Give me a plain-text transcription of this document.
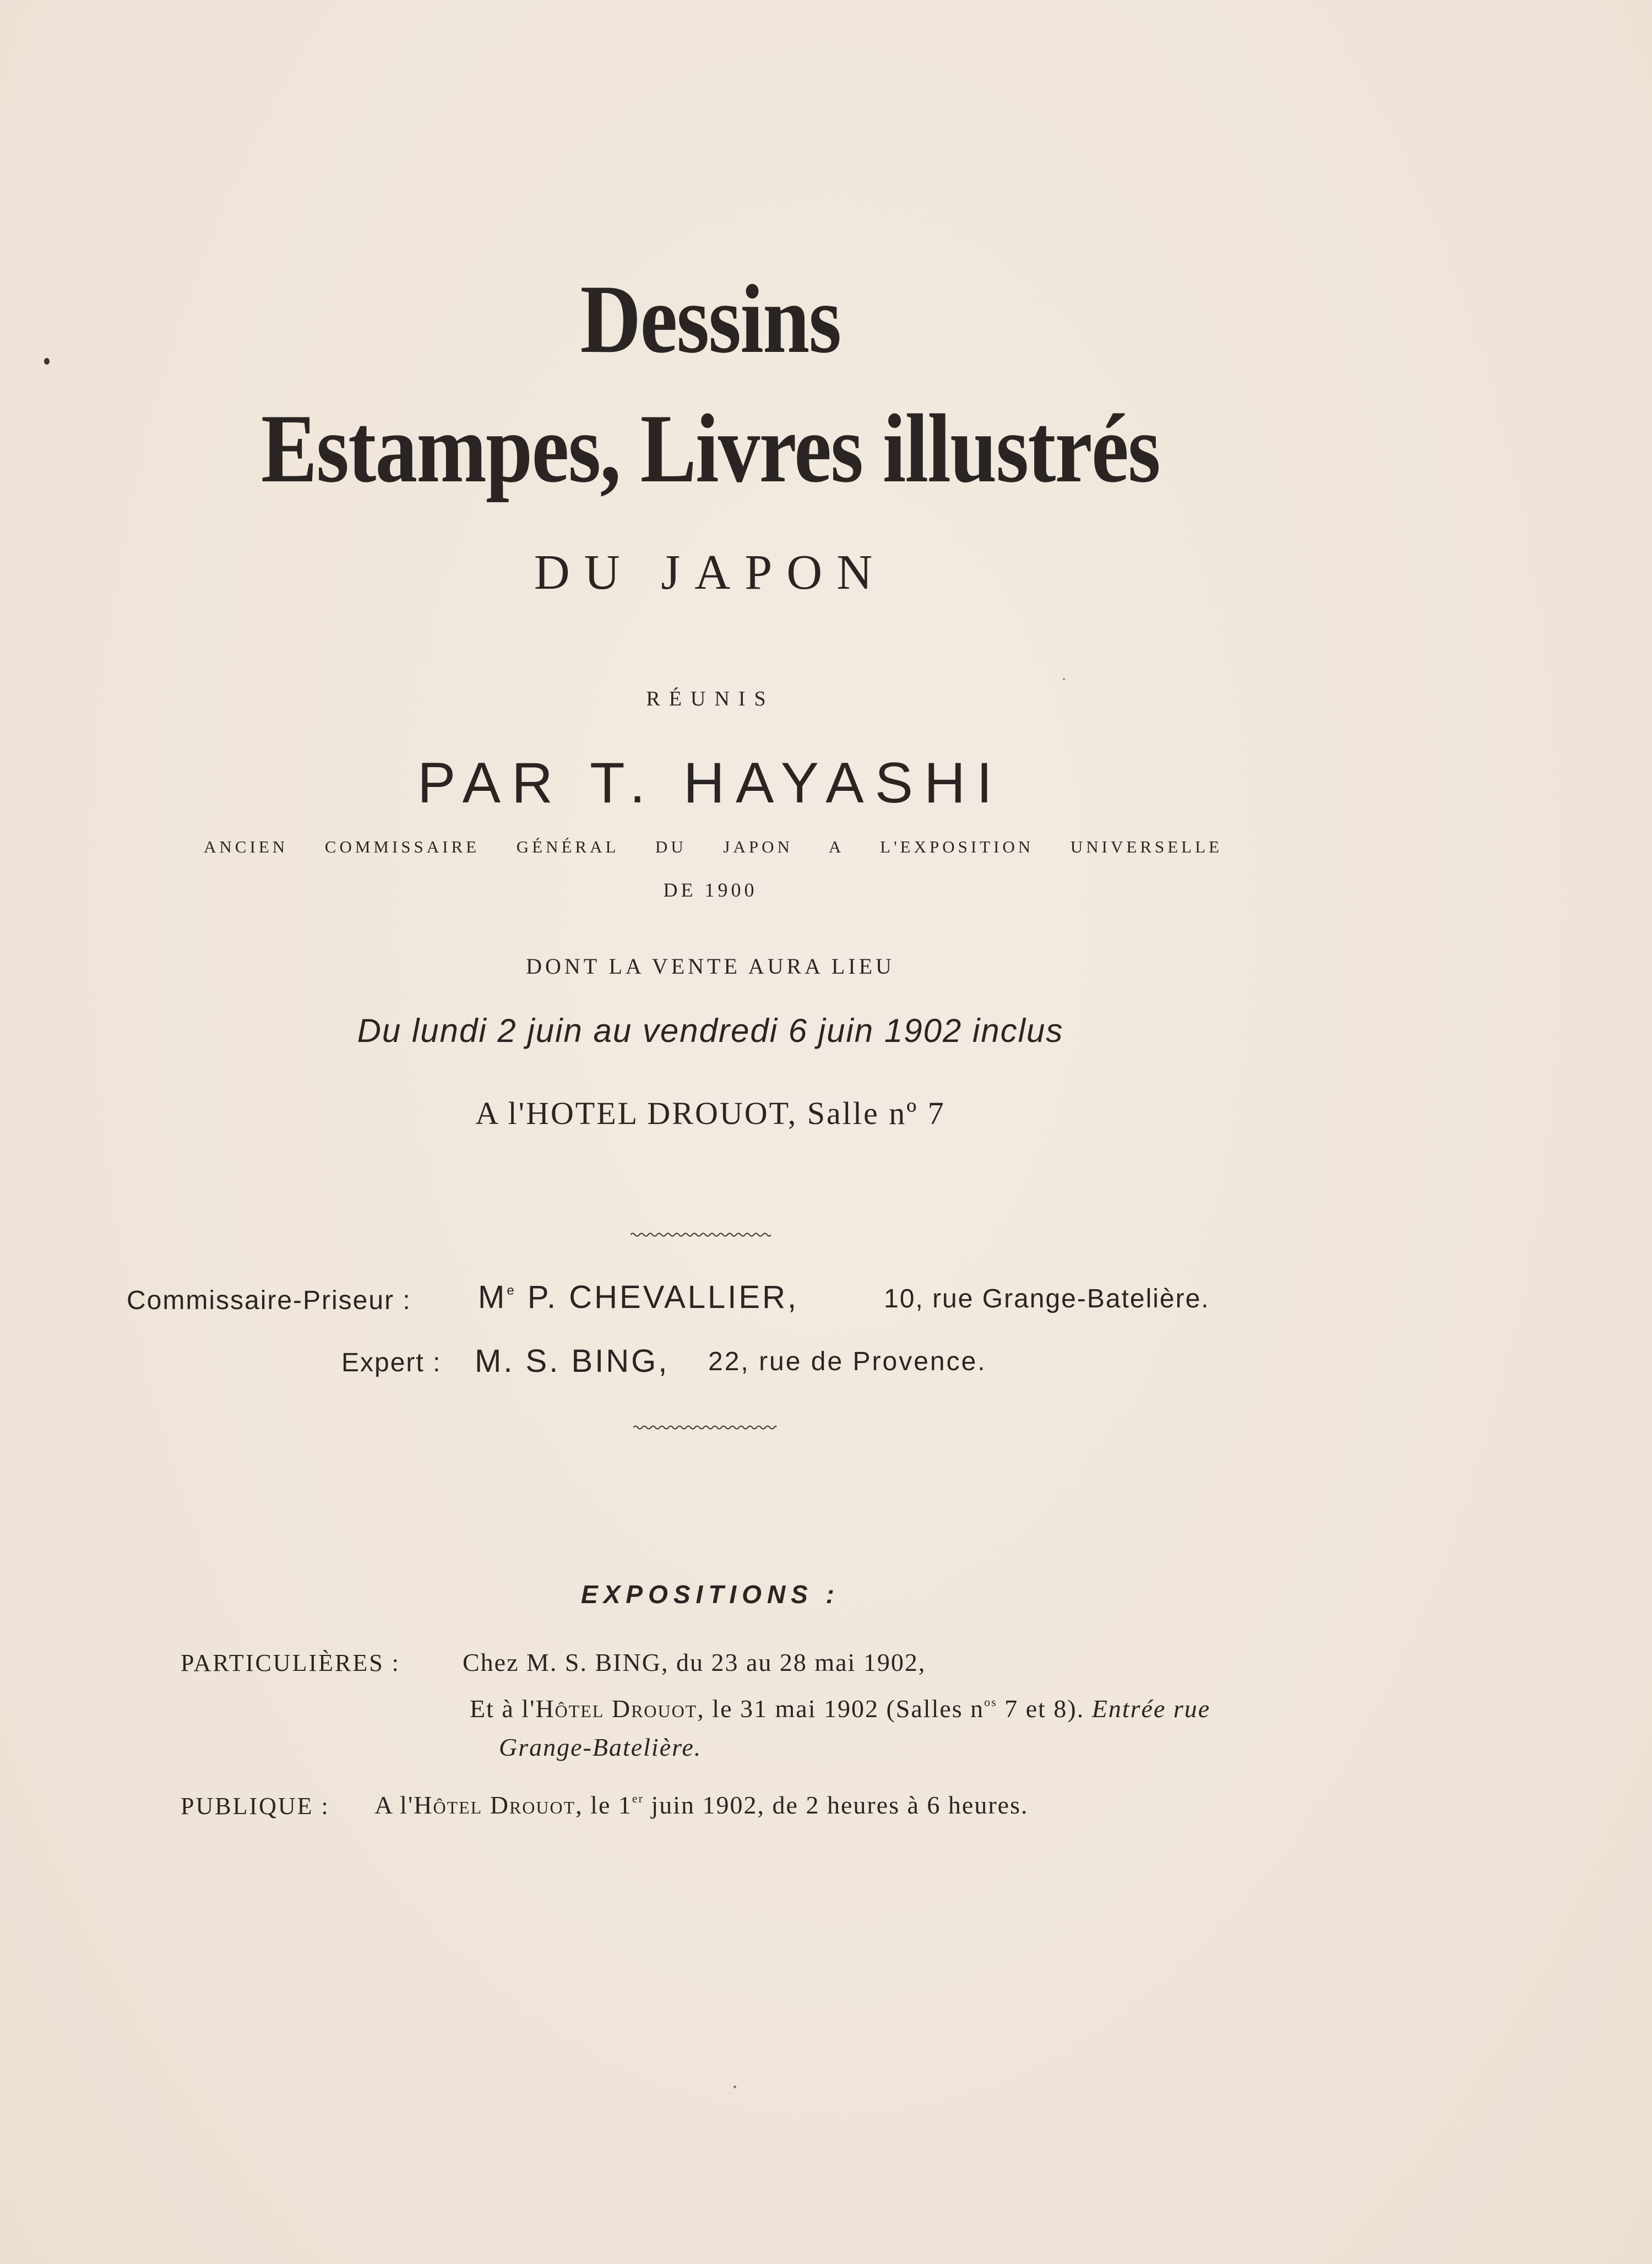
Dessins
Estampes, Livres illustrés
DU JAPON
RÉUNIS
PAR T. HAYASHI
ANCIEN COMMISSAIRE GÉNÉRAL DU JAPON A L'EXPOSITION UNIVERSELLE
DE 1900
DONT LA VENTE AURA LIEU
Du lundi 2 juin au vendredi 6 juin 1902 inclus
A l'HOTEL DROUOT, Salle nº 7
Commissaire-Priseur : Me P. CHEVALLIER,	10, rue Grange-Batelière.
Expert : M. S. BING, 22, rue de Provence.
EXPOSITIONS :
PARTICULIÈRES : Chez M. S. BING, du 23 au 28 mai 1902,
Et à l'Hôtel Drouot, le 31 mai 1902 (Salles $n^{os}$ 7 et 8). Entrée rue
Grange-Batelière.
PUBLIQUE : A l'Hôtel Drouot, le 1er juin 1902, de 2 heures à 6 heures.
